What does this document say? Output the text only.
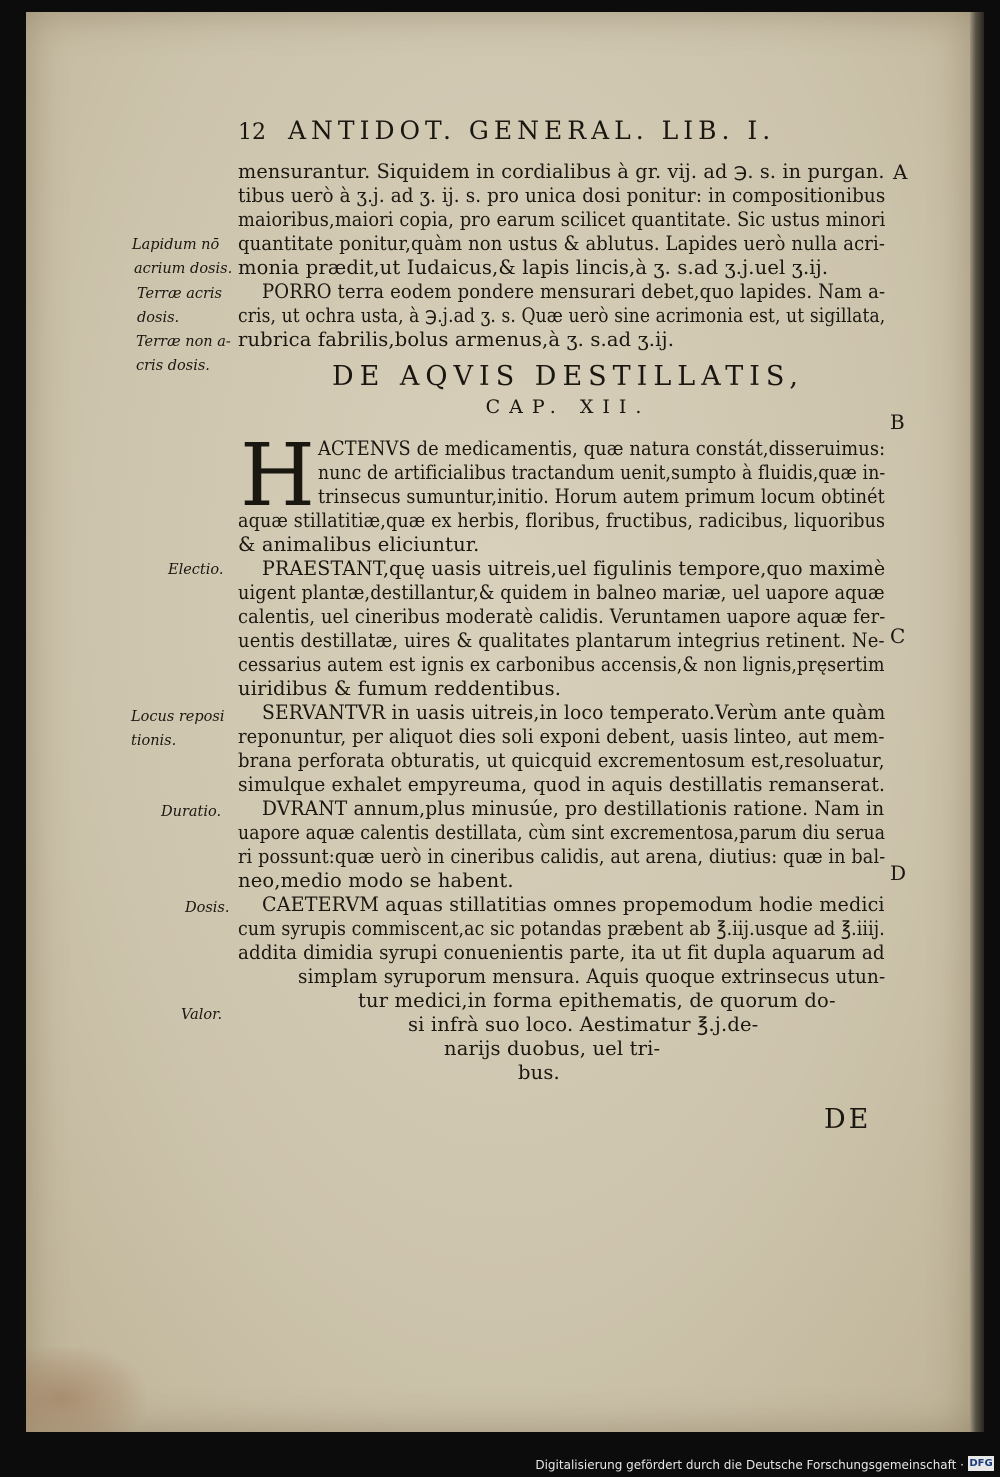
12 ANTIDOT. GENERAL. LIB. I.
mensurantur. Siquidem in cordialibus à gr. vij. ad ℈. s. in purgan.
tibus uerò à ʒ.j. ad ʒ. ij. s. pro unica dosi ponitur: in compositionibus
maioribus,maiori copia, pro earum scilicet quantitate. Sic ustus minori
quantitate ponitur,quàm non ustus & ablutus. Lapides uerò nulla acri-
monia prædit,ut Iudaicus,& lapis lincis,à ʒ. s.ad ʒ.j.uel ʒ.ij.
PORRO terra eodem pondere mensurari debet,quo lapides. Nam a-
cris, ut ochra usta, à ℈.j.ad ʒ. s. Quæ uerò sine acrimonia est, ut sigillata,
rubrica fabrilis,bolus armenus,à ʒ. s.ad ʒ.ij.
DE AQVIS DESTILLATIS,
CAP. XII.
H ACTENVS de medicamentis, quæ natura constát,disseruimus:
nunc de artificialibus tractandum uenit,sumpto à fluidis,quæ in-
trinsecus sumuntur,initio. Horum autem primum locum obtinét
aquæ stillatitiæ,quæ ex herbis, floribus, fructibus, radicibus, liquoribus
& animalibus eliciuntur.
PRAESTANT,quę uasis uitreis,uel figulinis tempore,quo maximè
uigent plantæ,destillantur,& quidem in balneo mariæ, uel uapore aquæ
calentis, uel cineribus moderatè calidis. Veruntamen uapore aquæ fer-
uentis destillatæ, uires & qualitates plantarum integrius retinent. Ne-
cessarius autem est ignis ex carbonibus accensis,& non lignis,pręsertim
uiridibus & fumum reddentibus.
SERVANTVR in uasis uitreis,in loco temperato.Verùm ante quàm
reponuntur, per aliquot dies soli exponi debent, uasis linteo, aut mem-
brana perforata obturatis, ut quicquid excrementosum est,resoluatur,
simulque exhalet empyreuma, quod in aquis destillatis remanserat.
DVRANT annum,plus minusúe, pro destillationis ratione. Nam in
uapore aquæ calentis destillata, cùm sint excrementosa,parum diu serua
ri possunt:quæ uerò in cineribus calidis, aut arena, diutius: quæ in bal-
neo,medio modo se habent.
CAETERVM aquas stillatitias omnes propemodum hodie medici
cum syrupis commiscent,ac sic potandas præbent ab ℥.iij.usque ad ℥.iiij.
addita dimidia syrupi conuenientis parte, ita ut fit dupla aquarum ad
simplam syruporum mensura. Aquis quoque extrinsecus utun-
tur medici,in forma epithematis, de quorum do-
si infrà suo loco. Aestimatur ℥.j.de-
narijs duobus, uel tri-
bus.
Lapidum nō
acrium dosis.
Terræ acris
dosis.
Terræ non a-
cris dosis.
Electio.
Locus reposi
tionis.
Duratio.
Dosis.
Valor.
A
B
C
D
DE
Digitalisierung gefördert durch die Deutsche Forschungsgemeinschaft · DFG
